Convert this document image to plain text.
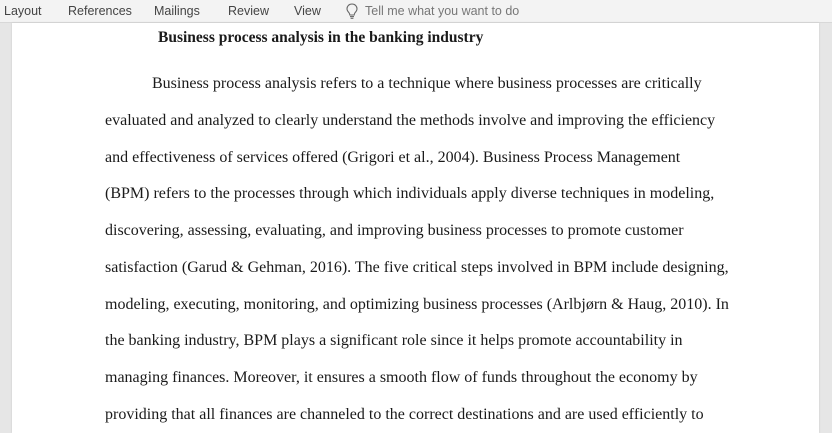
Layout References Mailings Review View	Tell me what you want to do
Business process analysis in the banking industry
Business process analysis refers to a technique where business processes are critically
evaluated and analyzed to clearly understand the methods involve and improving the efficiency
and effectiveness of services offered (Grigori et al., 2004). Business Process Management
(BPM) refers to the processes through which individuals apply diverse techniques in modeling,
discovering, assessing, evaluating, and improving business processes to promote customer
satisfaction (Garud & Gehman, 2016). The five critical steps involved in BPM include designing,
modeling, executing, monitoring, and optimizing business processes (Arlbjørn & Haug, 2010). In
the banking industry, BPM plays a significant role since it helps promote accountability in
managing finances. Moreover, it ensures a smooth flow of funds throughout the economy by
providing that all finances are channeled to the correct destinations and are used efficiently to
